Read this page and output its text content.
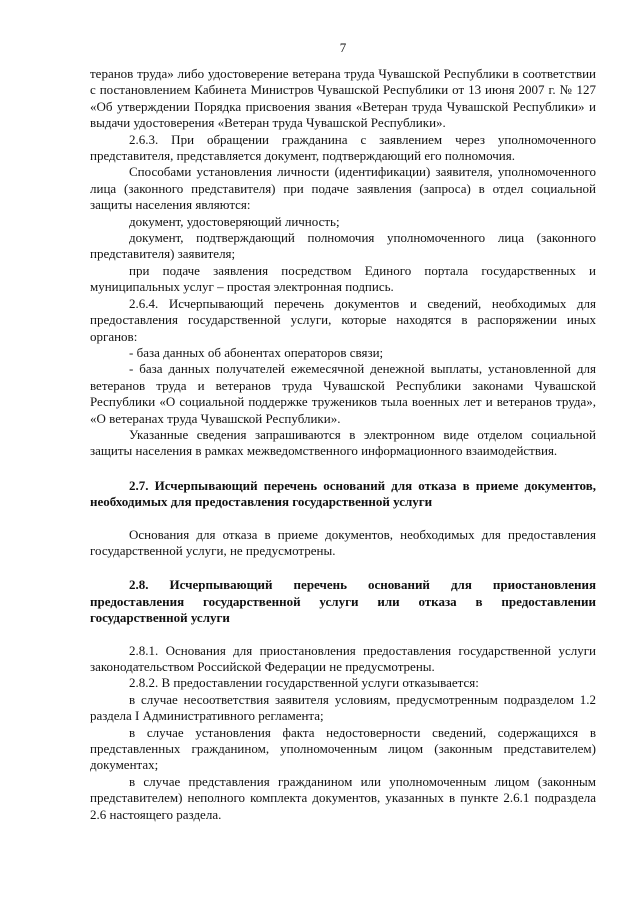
7

теранов труда» либо удостоверение ветерана труда Чувашской Республики в соответствии с постановлением Кабинета Министров Чувашской Республики от 13 июня 2007 г. № 127 «Об утверждении Порядка присвоения звания «Ветеран труда Чувашской Республики» и выдачи удостоверения «Ветеран труда Чувашской Республики».

2.6.3. При обращении гражданина с заявлением через уполномоченного представителя, представляется документ, подтверждающий его полномочия.

Способами установления личности (идентификации) заявителя, уполномоченного лица (законного представителя) при подаче заявления (запроса) в отдел социальной защиты населения являются:

документ, удостоверяющий личность;

документ, подтверждающий полномочия уполномоченного лица (законного представителя) заявителя;

при подаче заявления посредством Единого портала государственных и муниципальных услуг – простая электронная подпись.

2.6.4. Исчерпывающий перечень документов и сведений, необходимых для предоставления государственной услуги, которые находятся в распоряжении иных органов:

- база данных об абонентах операторов связи;

- база данных получателей ежемесячной денежной выплаты, установленной для ветеранов труда и ветеранов труда Чувашской Республики законами Чувашской Республики «О социальной поддержке тружеников тыла военных лет и ветеранов труда», «О ветеранах труда Чувашской Республики».

Указанные сведения запрашиваются в электронном виде отделом социальной защиты населения в рамках межведомственного информационного взаимодействия.

2.7. Исчерпывающий перечень оснований для отказа в приеме документов, необходимых для предоставления государственной услуги

Основания для отказа в приеме документов, необходимых для предоставления государственной услуги, не предусмотрены.

2.8. Исчерпывающий перечень оснований для приостановления предоставления государственной услуги или отказа в предоставлении государственной услуги

2.8.1. Основания для приостановления предоставления государственной услуги законодательством Российской Федерации не предусмотрены.

2.8.2. В предоставлении государственной услуги отказывается:

в случае несоответствия заявителя условиям, предусмотренным подразделом 1.2 раздела I Административного регламента;

в случае установления факта недостоверности сведений, содержащихся в представленных гражданином, уполномоченным лицом (законным представителем) документах;

в случае представления гражданином или уполномоченным лицом (законным представителем) неполного комплекта документов, указанных в пункте 2.6.1 подраздела 2.6 настоящего раздела.
